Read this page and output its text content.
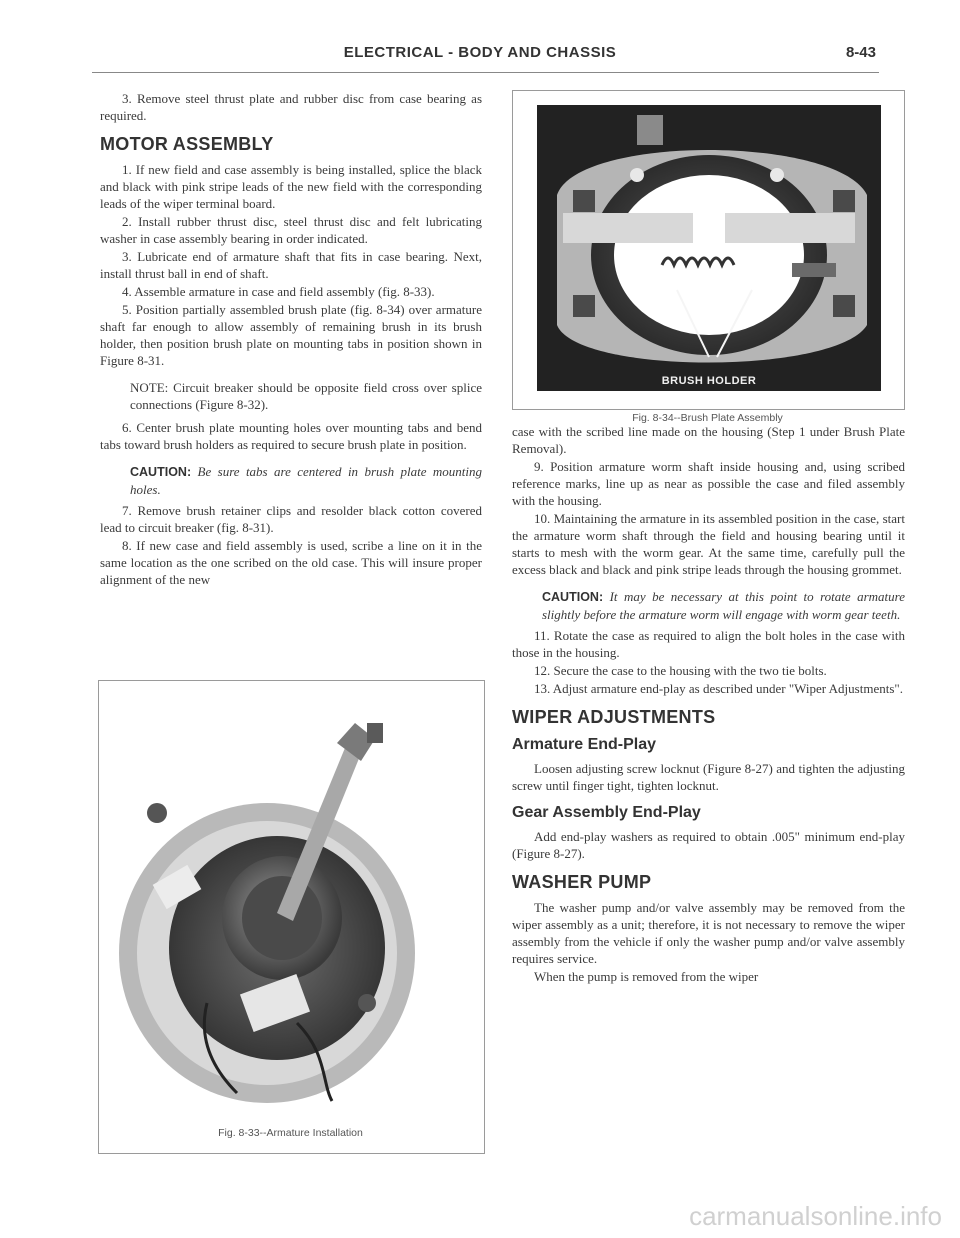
ELECTRICAL - BODY AND CHASSIS	8-43

3. Remove steel thrust plate and rubber disc from case bearing as required.

MOTOR ASSEMBLY

1. If new field and case assembly is being installed, splice the black and black with pink stripe leads of the new field with the corresponding leads of the wiper terminal board.

2. Install rubber thrust disc, steel thrust disc and felt lubricating washer in case assembly bearing in order indicated.

3. Lubricate end of armature shaft that fits in case bearing. Next, install thrust ball in end of shaft.

4. Assemble armature in case and field assembly (fig. 8-33).

5. Position partially assembled brush plate (fig. 8-34) over armature shaft far enough to allow assembly of remaining brush in its brush holder, then position brush plate on mounting tabs in position shown in Figure 8-31.

NOTE: Circuit breaker should be opposite field cross over splice connections (Figure 8-32).

6. Center brush plate mounting holes over mounting tabs and bend tabs toward brush holders as required to secure brush plate in position.

CAUTION: Be sure tabs are centered in brush plate mounting holes.

7. Remove brush retainer clips and resolder black cotton covered lead to circuit breaker (fig. 8-31).

8. If new case and field assembly is used, scribe a line on it in the same location as the one scribed on the old case. This will insure proper alignment of the new

Fig. 8-33--Armature Installation
BRUSH HOLDER
Fig. 8-34--Brush Plate Assembly

case with the scribed line made on the housing (Step 1 under Brush Plate Removal).

9. Position armature worm shaft inside housing and, using scribed reference marks, line up as near as possible the case and filed assembly with the housing.

10. Maintaining the armature in its assembled position in the case, start the armature worm shaft through the field and housing bearing until it starts to mesh with the worm gear. At the same time, carefully pull the excess black and black and pink stripe leads through the housing grommet.

CAUTION: It may be necessary at this point to rotate armature slightly before the armature worm will engage with worm gear teeth.

11. Rotate the case as required to align the bolt holes in the case with those in the housing.

12. Secure the case to the housing with the two tie bolts.

13. Adjust armature end-play as described under "Wiper Adjustments".

WIPER ADJUSTMENTS
Armature End-Play

Loosen adjusting screw locknut (Figure 8-27) and tighten the adjusting screw until finger tight, tighten locknut.

Gear Assembly End-Play

Add end-play washers as required to obtain .005" minimum end-play (Figure 8-27).

WASHER PUMP

The washer pump and/or valve assembly may be removed from the wiper assembly as a unit; therefore, it is not necessary to remove the wiper assembly from the vehicle if only the washer pump and/or valve assembly requires service.

When the pump is removed from the wiper

carmanualsonline.info
